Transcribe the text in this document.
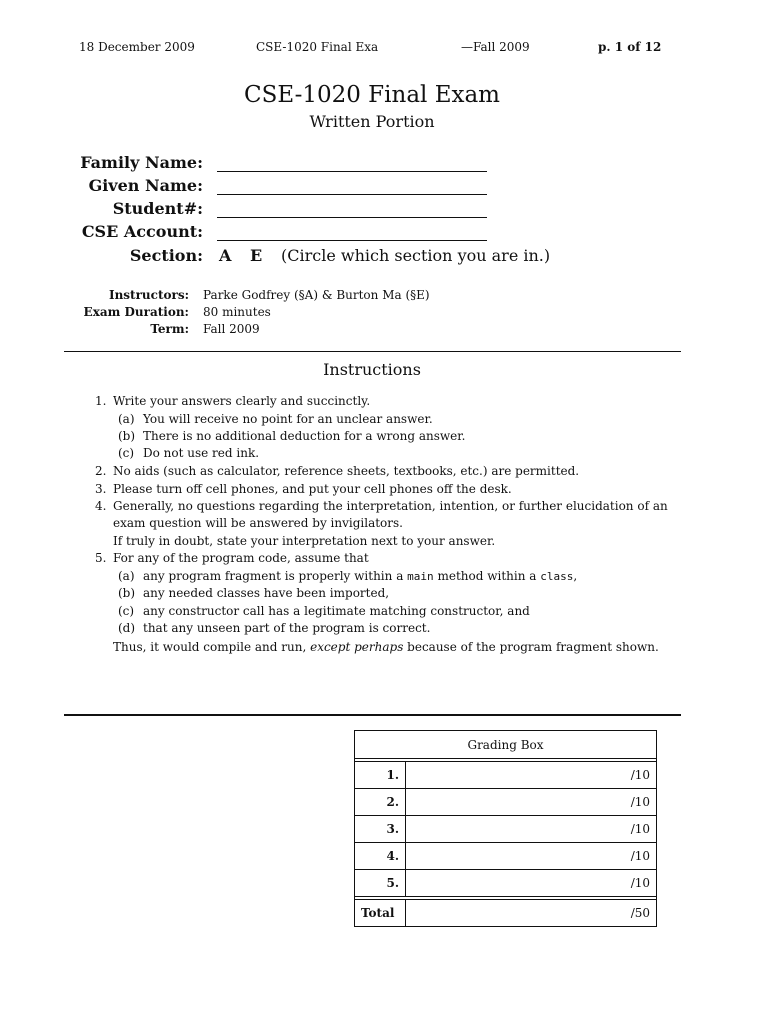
18 December 2009	CSE-1020 Final Exa	—Fall 2009	p. 1 of 12
CSE-1020 Final Exam
Written Portion
Family Name:
Given Name:
Student#:
CSE Account:
Section: A E (Circle which section you are in.)
Instructors: Parke Godfrey (§A) & Burton Ma (§E)
Exam Duration: 80 minutes
Term: Fall 2009
Instructions
1. Write your answers clearly and succinctly.
(a) You will receive no point for an unclear answer.
(b) There is no additional deduction for a wrong answer.
(c) Do not use red ink.
2. No aids (such as calculator, reference sheets, textbooks, etc.) are permitted.
3. Please turn off cell phones, and put your cell phones off the desk.
4. Generally, no questions regarding the interpretation, intention, or further elucidation of an
exam question will be answered by invigilators.
If truly in doubt, state your interpretation next to your answer.
5. For any of the program code, assume that
(a) any program fragment is properly within a main method within a class,
(b) any needed classes have been imported,
(c) any constructor call has a legitimate matching constructor, and
(d) that any unseen part of the program is correct.
Thus, it would compile and run, except perhaps because of the program fragment shown.
Grading Box	

1.	/10
2.	/10
3.	/10
4.	/10
5.	/10

Total	/50
